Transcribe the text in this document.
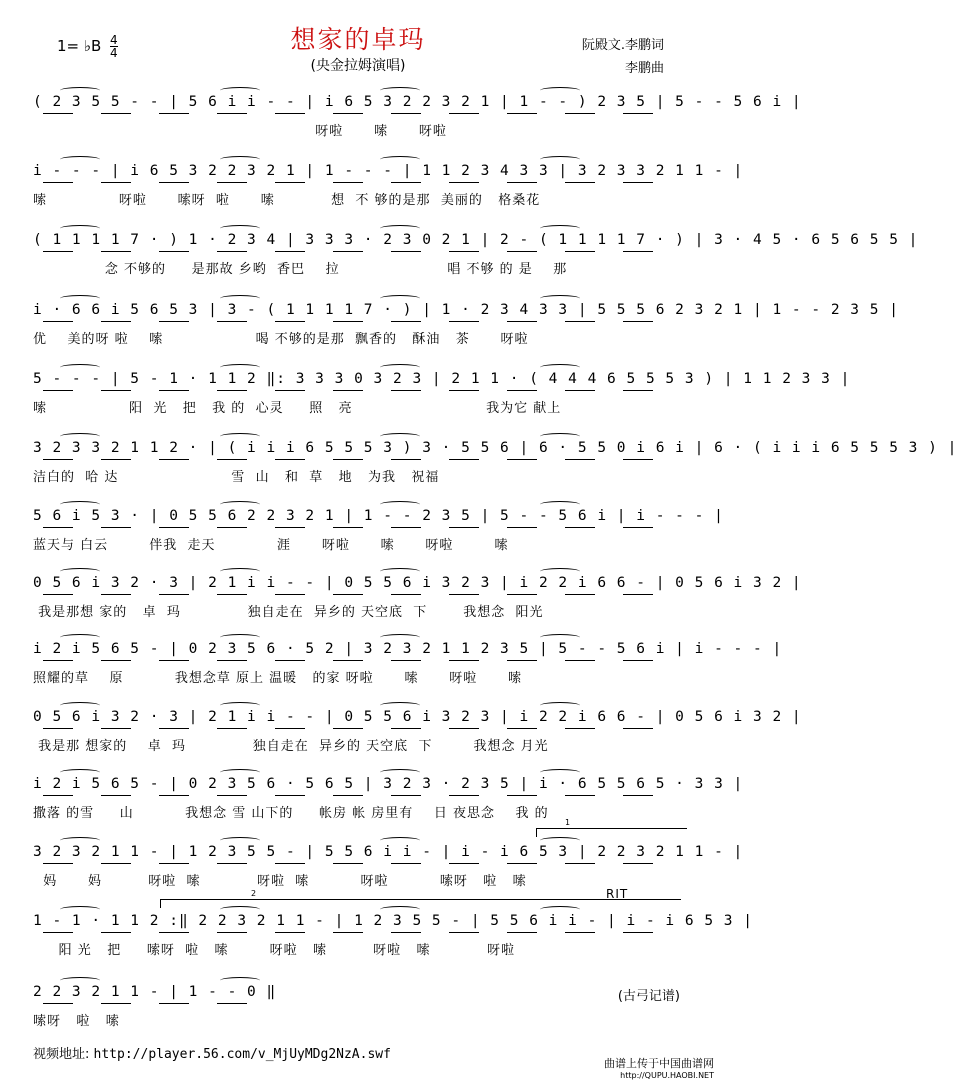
1= ♭B $\frac{4}{4}$	想家的卓玛
(央金拉姆演唱)
阮殿文.李鹏词
李鹏曲
( 2 3 5 5 - - | 5 6 i i - - | i 6 5 3 2 2 3 2 1 | 1 - - ) 2 3 5 | 5 - - 5 6 i |
呀啦      嗦      呀啦
i - - - | i 6 5 3 2 2 3 2 1 | 1 - - - | 1 1 2 3 4 3 3 | 3 2 3 3 2 1 1 - |
嗦              呀啦      嗦呀  啦      嗦           想  不 够的是那  美丽的   格桑花
( 1 1 1 1 7 · ) 1 · 2 3 4 | 3 3 3 · 2 3 0 2 1 | 2 - ( 1 1 1 1 7 · ) | 3 · 4 5 · 6 5 6 5 5 |
念 不够的     是那故 乡哟  香巴    拉                     唱 不够 的 是    那
i · 6 6 i 5 6 5 3 | 3 - ( 1 1 1 1 7 · ) | 1 · 2 3 4 3 3 | 5 5 5 6 2 3 2 1 | 1 - - 2 3 5 |
优    美的呀 啦    嗦                  喝 不够的是那  飘香的   酥油   茶      呀啦
5 - - - | 5 - 1 · 1 1 2 ‖: 3 3 3 0 3 2 3 | 2 1 1 · ( 4 4 4 6 5 5 5 3 ) | 1 1 2 3 3 |
嗦                阳  光   把   我 的  心灵     照   亮                          我为它 献上
3 2 3 3 2 1 1 2 · | ( i i i 6 5 5 5 3 ) 3 · 5 5 6 | 6 · 5 5 0 i 6 i | 6 · ( i i i 6 5 5 5 3 ) |
洁白的  哈 达                      雪  山   和  草   地   为我   祝福
5 6 i 5 3 · | 0 5 5 6 2 2 3 2 1 | 1 - - 2 3 5 | 5 - - 5 6 i | i - - - |
蓝天与 白云        伴我  走天            涯      呀啦      嗦      呀啦        嗦
0 5 6 i 3 2 · 3 | 2 1 i i - - | 0 5 5 6 i 3 2 3 | i 2 2 i 6 6 - | 0 5 6 i 3 2 |
我是那想 家的   卓  玛             独自走在  异乡的 天空底  下       我想念  阳光
i 2 i 5 6 5 - | 0 2 3 5 6 · 5 2 | 3 2 3 2 1 1 2 3 5 | 5 - - 5 6 i | i - - - |
照耀的草    原          我想念草 原上 温暖   的家 呀啦      嗦      呀啦      嗦
0 5 6 i 3 2 · 3 | 2 1 i i - - | 0 5 5 6 i 3 2 3 | i 2 2 i 6 6 - | 0 5 6 i 3 2 |
我是那 想家的    卓  玛             独自走在  异乡的 天空底  下        我想念 月光
i 2 i 5 6 5 - | 0 2 3 5 6 · 5 6 5 | 3 2 3 · 2 3 5 | i · 6 5 5 6 5 · 3 3 |
撒落 的雪     山          我想念 雪 山下的     帐房 帐 房里有    日 夜思念    我 的
3 2 3 2 1 1 - | 1 2 3 5 5 - | 5 5 6 i i - | i - i 6 5 3 | 2 2 3 2 1 1 - |
妈      妈         呀啦  嗦           呀啦  嗦          呀啦          嗦呀   啦   嗦
1
1 - 1 · 1 1 2 :‖ 2 2 3 2 1 1 - | 1 2 3 5 5 - | 5 5 6 i i - | i - i 6 5 3 |
阳 光   把     嗦呀  啦   嗦        呀啦   嗦         呀啦   嗦           呀啦
2
2 2 3 2 1 1 - | 1 - - 0 ‖
嗦呀   啦   嗦
RIT
(古弓记谱)
视频地址: http://player.56.com/v_MjUyMDg2NzA.swf
曲谱上传于中国曲谱网
http://QUPU.HAOBI.NET
